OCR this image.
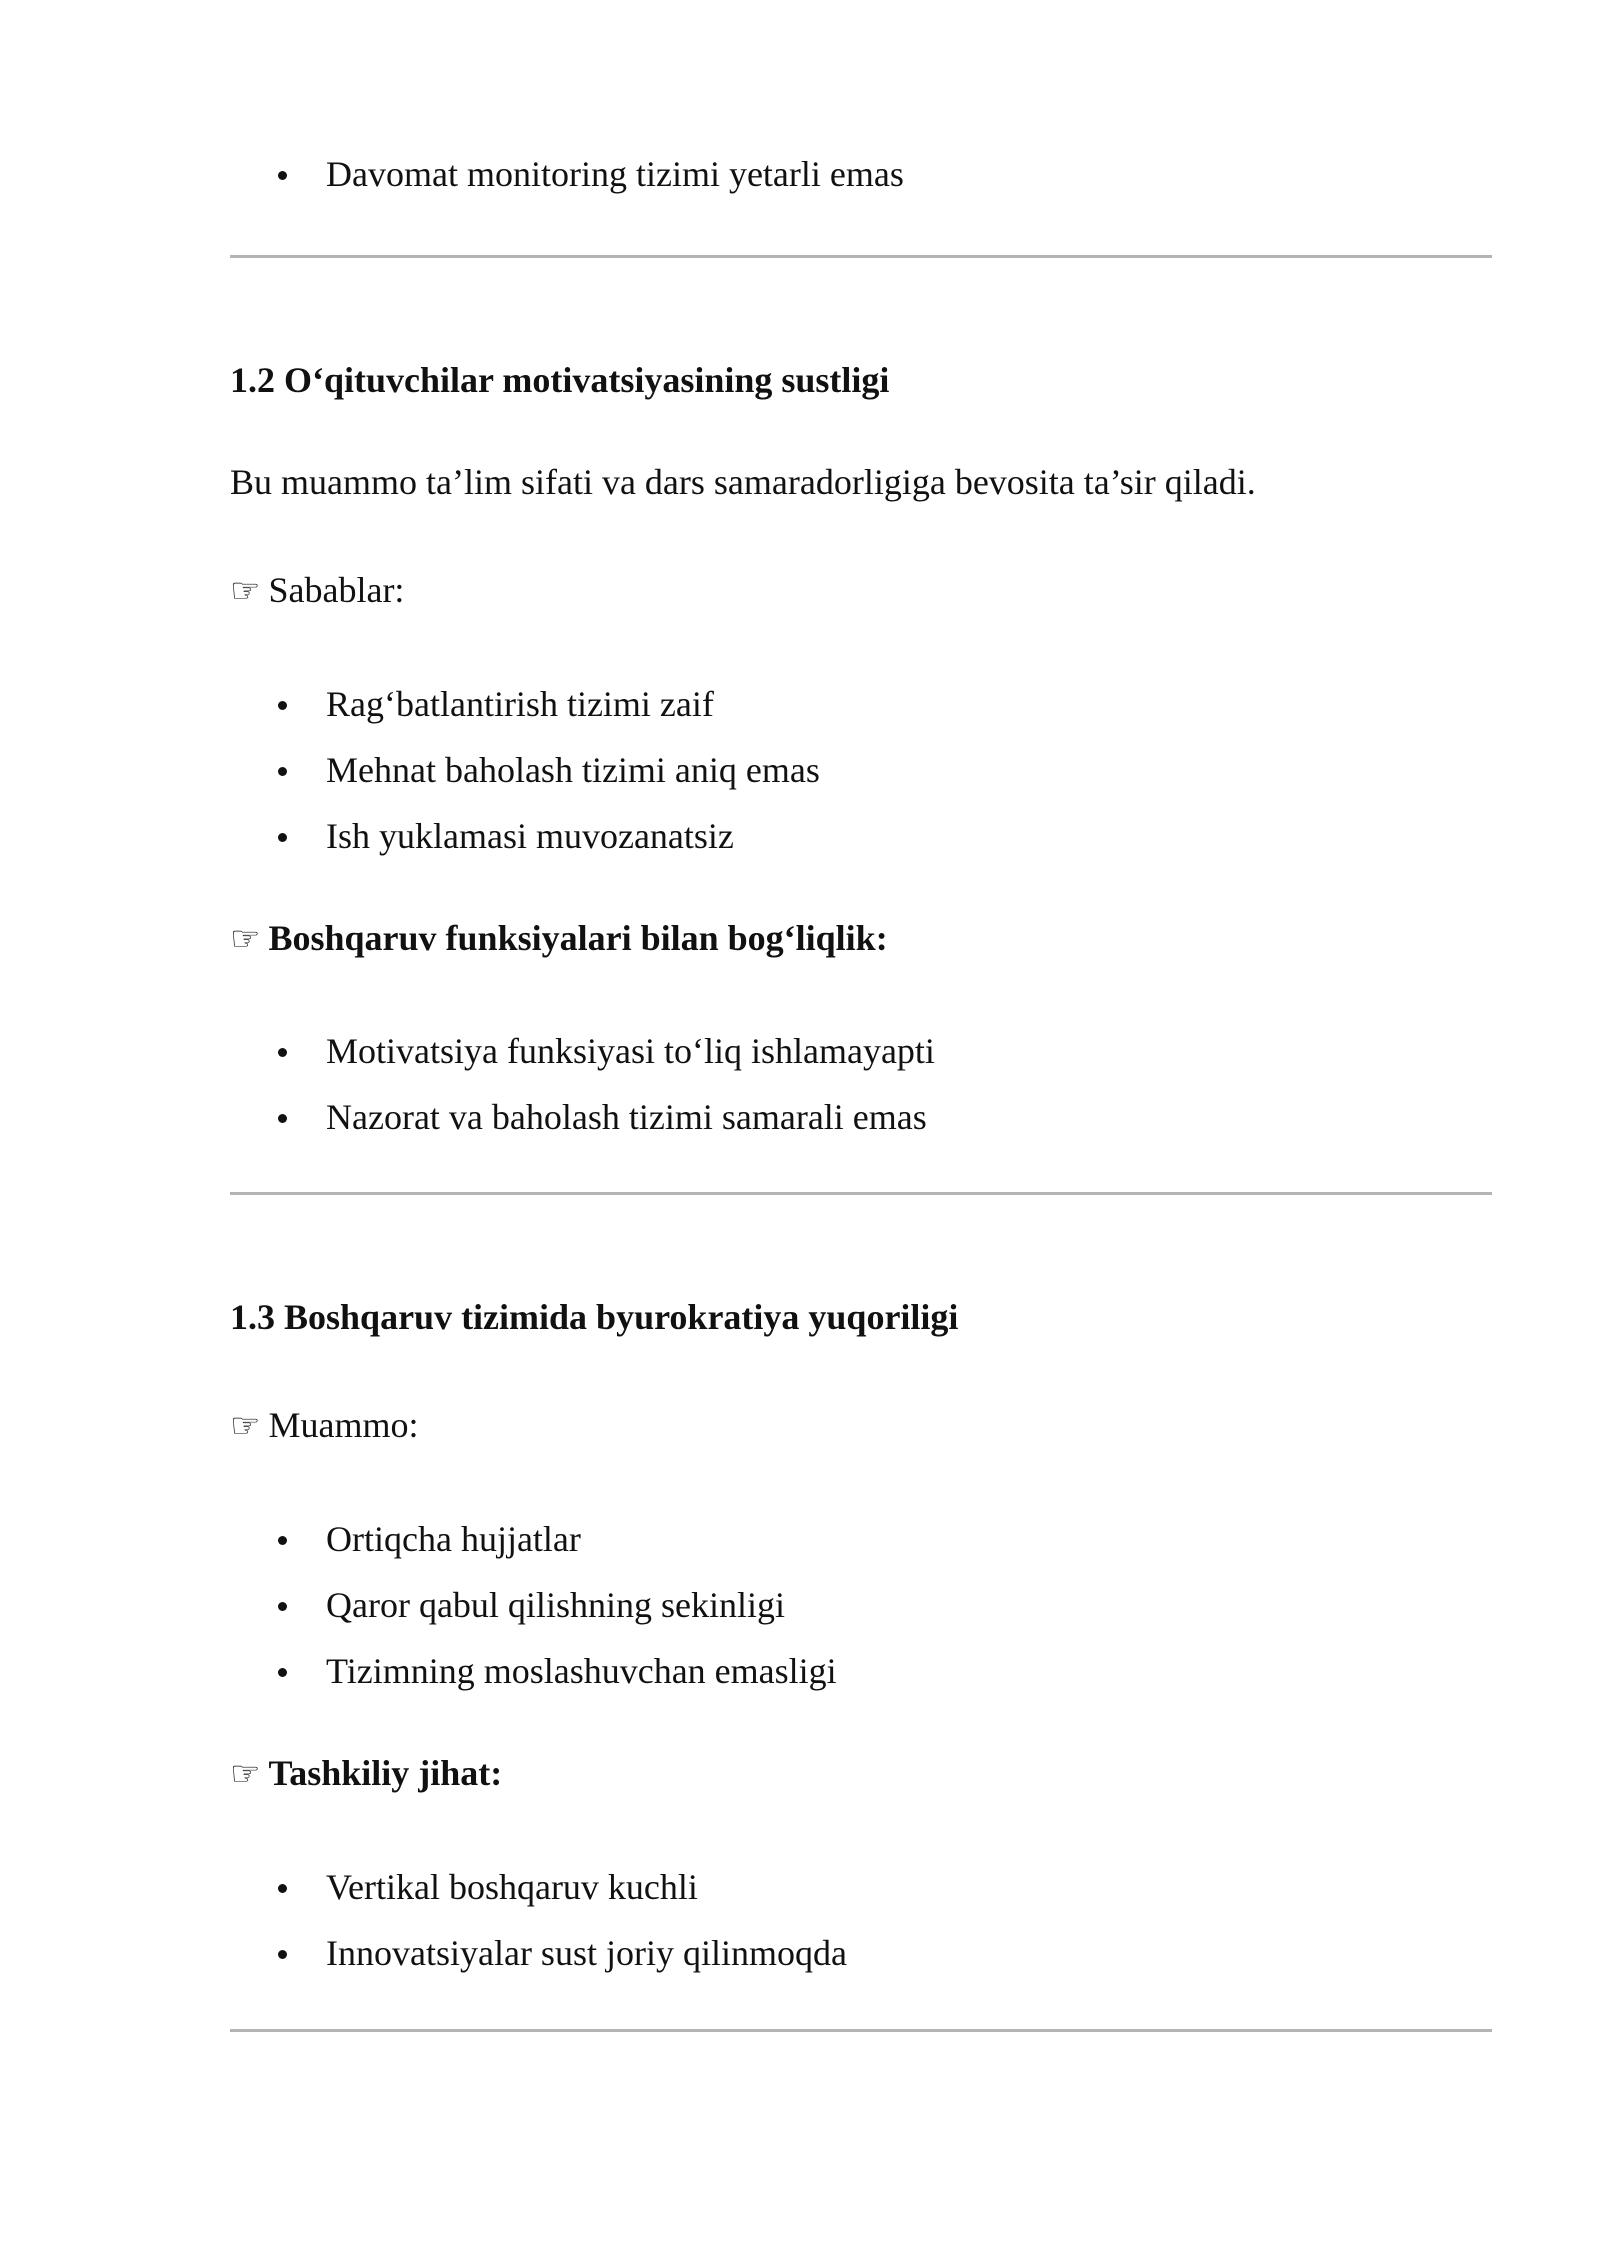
Davomat monitoring tizimi yetarli emas
1.2 O‘qituvchilar motivatsiyasining sustligi
Bu muammo ta’lim sifati va dars samaradorligiga bevosita ta’sir qiladi.
☞ Sabablar:
Rag‘batlantirish tizimi zaif
Mehnat baholash tizimi aniq emas
Ish yuklamasi muvozanatsiz
☞ Boshqaruv funksiyalari bilan bog‘liqlik:
Motivatsiya funksiyasi to‘liq ishlamayapti
Nazorat va baholash tizimi samarali emas
1.3 Boshqaruv tizimida byurokratiya yuqoriligi
☞ Muammo:
Ortiqcha hujjatlar
Qaror qabul qilishning sekinligi
Tizimning moslashuvchan emasligi
☞ Tashkiliy jihat:
Vertikal boshqaruv kuchli
Innovatsiyalar sust joriy qilinmoqda
